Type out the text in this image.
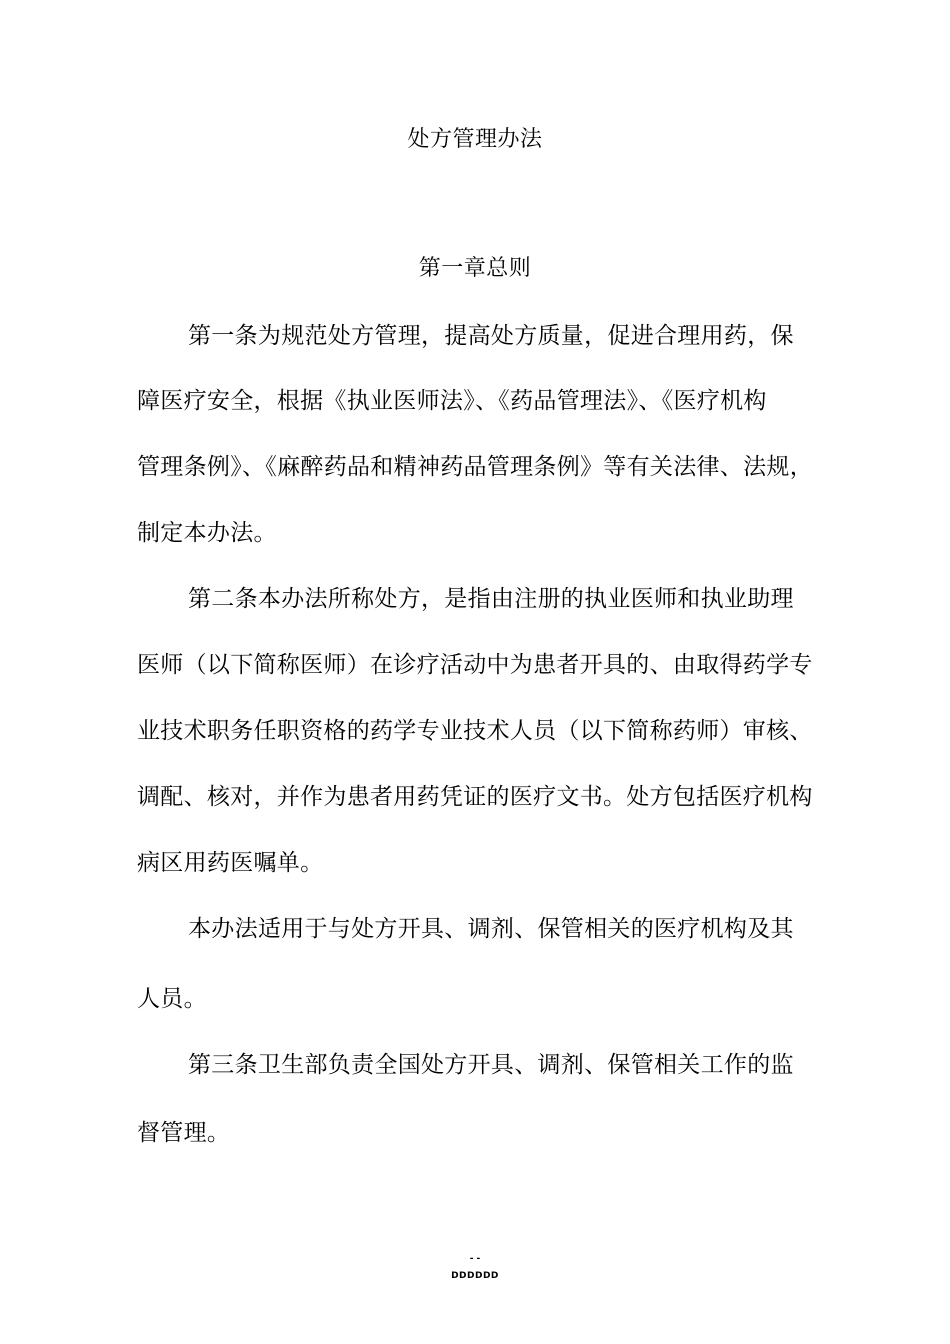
处方管理办法
第一章总则
第一条为规范处方管理，提高处方质量，促进合理用药，保
障医疗安全，根据《执业医师法》、《药品管理法》、《医疗机构
管理条例》、《麻醉药品和精神药品管理条例》等有关法律、法规，
制定本办法。
第二条本办法所称处方，是指由注册的执业医师和执业助理
医师（以下简称医师）在诊疗活动中为患者开具的、由取得药学专
业技术职务任职资格的药学专业技术人员（以下简称药师）审核、
调配、核对，并作为患者用药凭证的医疗文书。处方包括医疗机构
病区用药医嘱单。
本办法适用于与处方开具、调剂、保管相关的医疗机构及其
人员。
第三条卫生部负责全国处方开具、调剂、保管相关工作的监
督管理。
- -
DDDDDD
